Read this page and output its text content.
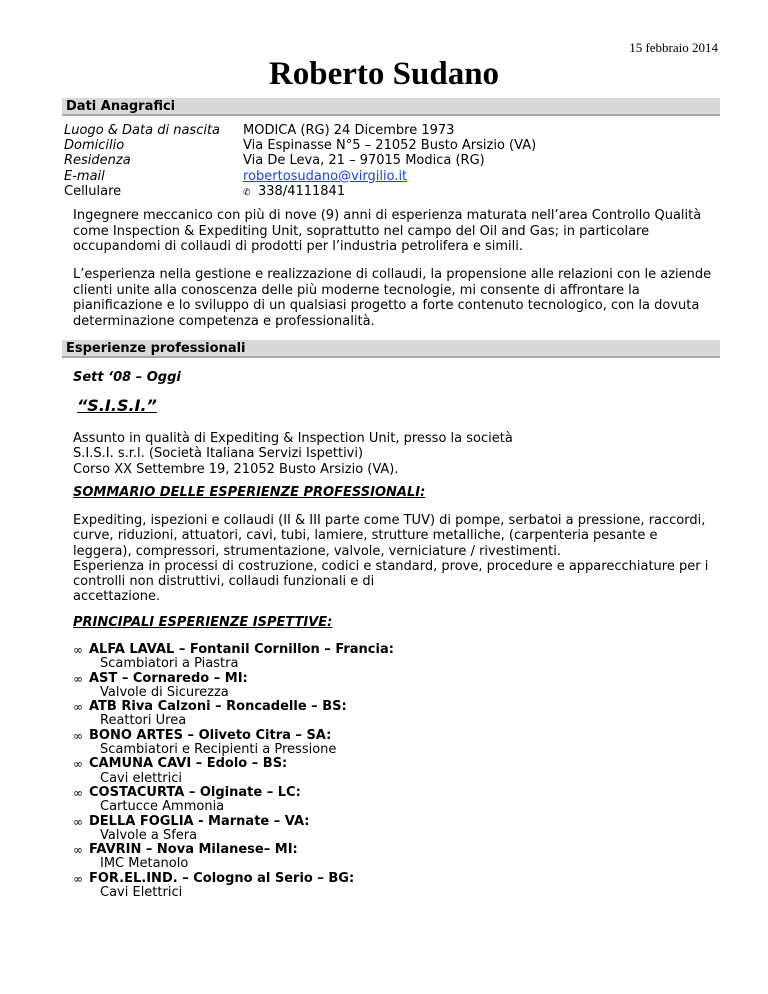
15 febbraio 2014
Roberto Sudano
Dati Anagrafici
Luogo & Data di nascita	MODICA (RG) 24 Dicembre 1973
Domicilio	Via Espinasse N°5 – 21052 Busto Arsizio (VA)
Residenza	Via De Leva, 21 – 97015 Modica (RG)
E-mail	robertosudano@virgilio.it
Cellulare	✆ 338/4111841
Ingegnere meccanico con più di nove (9) anni di esperienza maturata nell’area Controllo Qualità come Inspection & Expediting Unit, soprattutto nel campo del Oil and Gas; in particolare occupandomi di collaudi di prodotti per l’industria petrolifera e simili.
L’esperienza nella gestione e realizzazione di collaudi, la propensione alle relazioni con le aziende clienti unite alla conoscenza delle più moderne tecnologie, mi consente di affrontare la pianificazione e lo sviluppo di un qualsiasi progetto a forte contenuto tecnologico, con la dovuta determinazione competenza e professionalità.
Esperienze professionali
Sett ‘08 – Oggi
“S.I.S.I.”
Assunto in qualità di Expediting & Inspection Unit, presso la società
S.I.S.I. s.r.l. (Società Italiana Servizi Ispettivi)
Corso XX Settembre 19, 21052 Busto Arsizio (VA).
SOMMARIO DELLE ESPERIENZE PROFESSIONALI:
Expediting, ispezioni e collaudi (II & III parte come TUV) di pompe, serbatoi a pressione, raccordi,
curve, riduzioni, attuatori, cavi, tubi, lamiere, strutture metalliche, (carpenteria pesante e
leggera), compressori, strumentazione, valvole, verniciature / rivestimenti.
Esperienza in processi di costruzione, codici e standard, prove, procedure e apparecchiature per i
controlli non distruttivi, collaudi funzionali e di
accettazione.
PRINCIPALI ESPERIENZE ISPETTIVE:
∞ ALFA LAVAL – Fontanil Cornillon – Francia:
Scambiatori a Piastra
∞ AST – Cornaredo – MI:
Valvole di Sicurezza
∞ ATB Riva Calzoni – Roncadelle – BS:
Reattori Urea
∞ BONO ARTES – Oliveto Citra – SA:
Scambiatori e Recipienti a Pressione
∞ CAMUNA CAVI – Edolo – BS:
Cavi elettrici
∞ COSTACURTA – Olginate – LC:
Cartucce Ammonia
∞ DELLA FOGLIA - Marnate – VA:
Valvole a Sfera
∞ FAVRIN – Nova Milanese– MI:
IMC Metanolo
∞ FOR.EL.IND. – Cologno al Serio – BG:
Cavi Elettrici
